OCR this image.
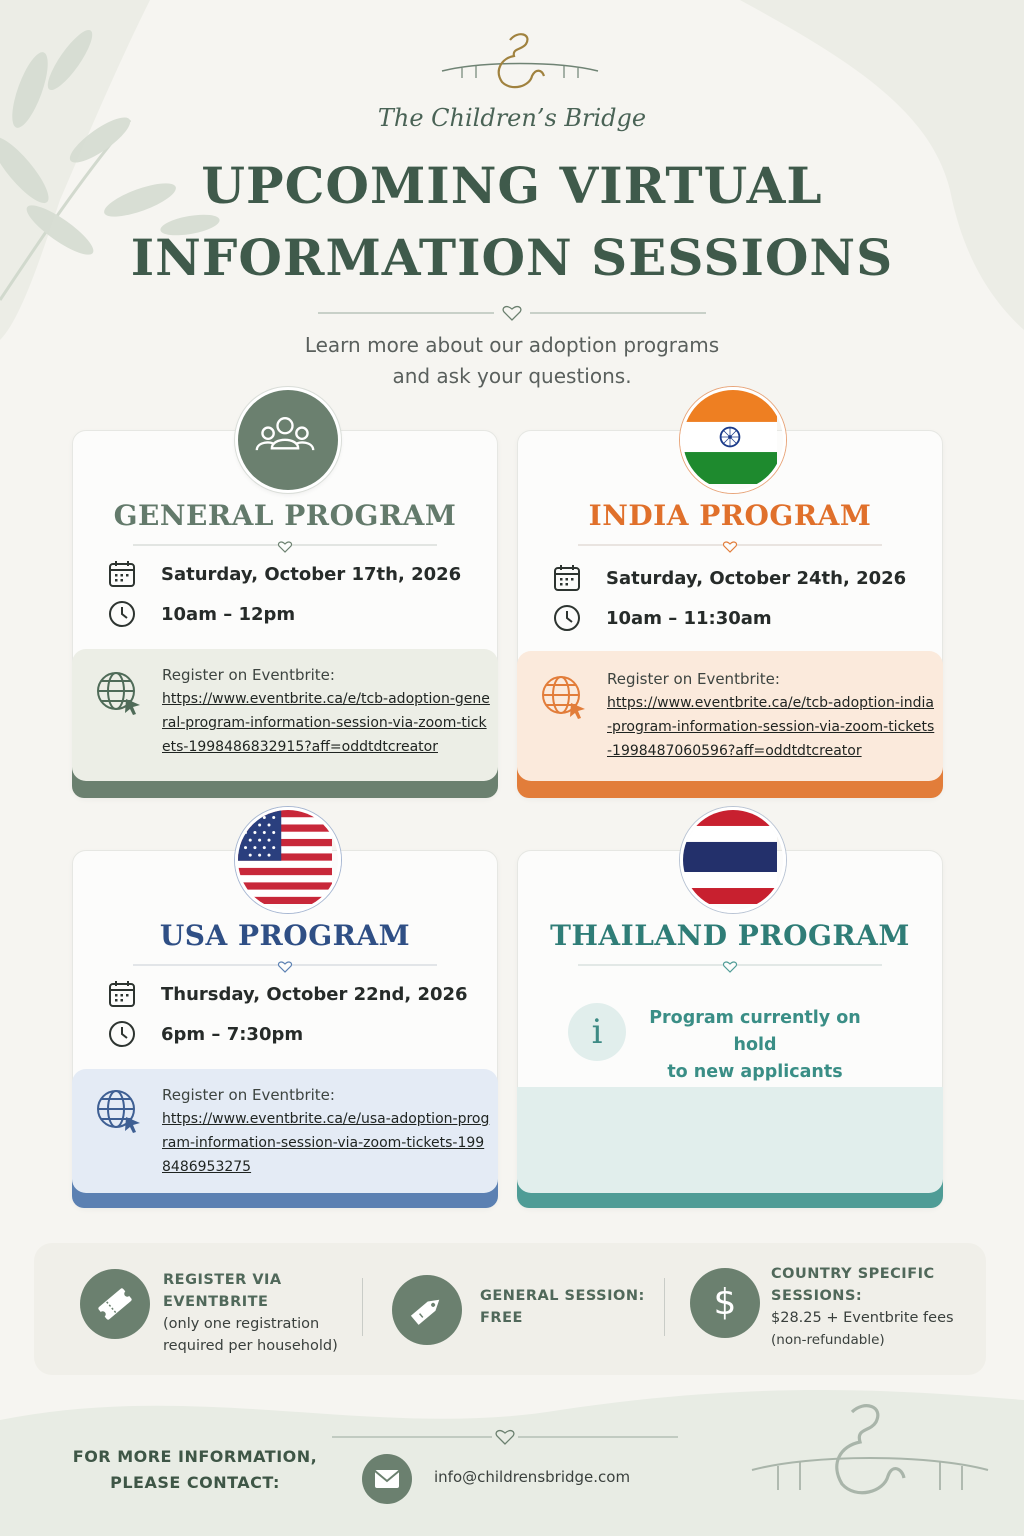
The Children’s Bridge
UPCOMING VIRTUAL
INFORMATION SESSIONS
Learn more about our adoption programs
and ask your questions.
Register on Eventbrite:
https://www.eventbrite.ca/e/tcb-adoption-general-program-information-session-via-zoom-tickets-1998486832915?aff=oddtdtcreator
GENERAL PROGRAM
Saturday, October 17th, 2026
10am – 12pm
Register on Eventbrite:
https://www.eventbrite.ca/e/tcb-adoption-india-program-information-session-via-zoom-tickets-1998487060596?aff=oddtdtcreator
INDIA PROGRAM
Saturday, October 24th, 2026
10am – 11:30am
Register on Eventbrite:
https://www.eventbrite.ca/e/usa-adoption-program-information-session-via-zoom-tickets-1998486953275
USA PROGRAM
Thursday, October 22nd, 2026
6pm – 7:30pm
THAILAND PROGRAM
i	Program currently on hold
to new applicants
REGISTER VIA
EVENTBRITE
(only one registration
required per household)
GENERAL SESSION:
FREE	$
COUNTRY SPECIFIC
SESSIONS:
$28.25 + Eventbrite fees
(non-refundable)
FOR MORE INFORMATION,
PLEASE CONTACT:	info@childrensbridge.com
